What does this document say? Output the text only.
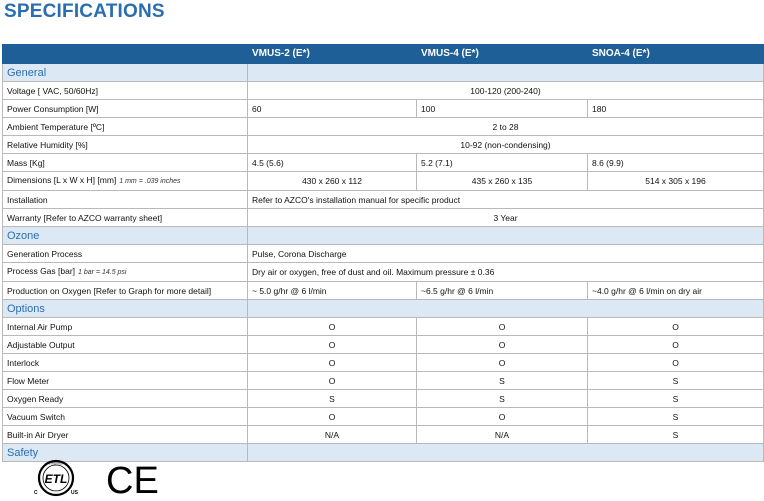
SPECIFICATIONS
	VMUS-2 (E*)	VMUS-4 (E*)	SNOA-4 (E*)
General			
Voltage [ VAC, 50/60Hz]	100-120 (200-240)		
Power Consumption [W]	60	100	180
Ambient Temperature [ºC]	2 to 28		
Relative Humidity [%]	10-92 (non-condensing)		
Mass [Kg]	4.5 (5.6)	5.2 (7.1)	8.6 (9.9)
Dimensions [L x W x H] [mm] 1 mm = .039 inches	430 x 260 x 112	435 x 260 x 135	514 x 305 x 196
Installation	Refer to AZCO's installation manual for specific product		
Warranty [Refer to AZCO warranty sheet]	3 Year		
Ozone			
Generation Process	Pulse, Corona Discharge		
Process Gas [bar] 1 bar = 14.5 psi	Dry air or oxygen, free of dust and oil. Maximum pressure ± 0.36		
Production on Oxygen [Refer to Graph for more detail]	~ 5.0 g/hr @ 6 l/min	~6.5 g/hr @ 6 l/min	~4.0 g/hr @ 6 l/min on dry air
Options			
Internal Air Pump	O	O	O
Adjustable Output	O	O	O
Interlock	O	O	O
Flow Meter	O	S	S
Oxygen Ready	S	S	S
Vacuum Switch	O	O	S
Built-in Air Dryer	N/A	N/A	S
Safety			
ETL
INTERTEK
C	US CE
